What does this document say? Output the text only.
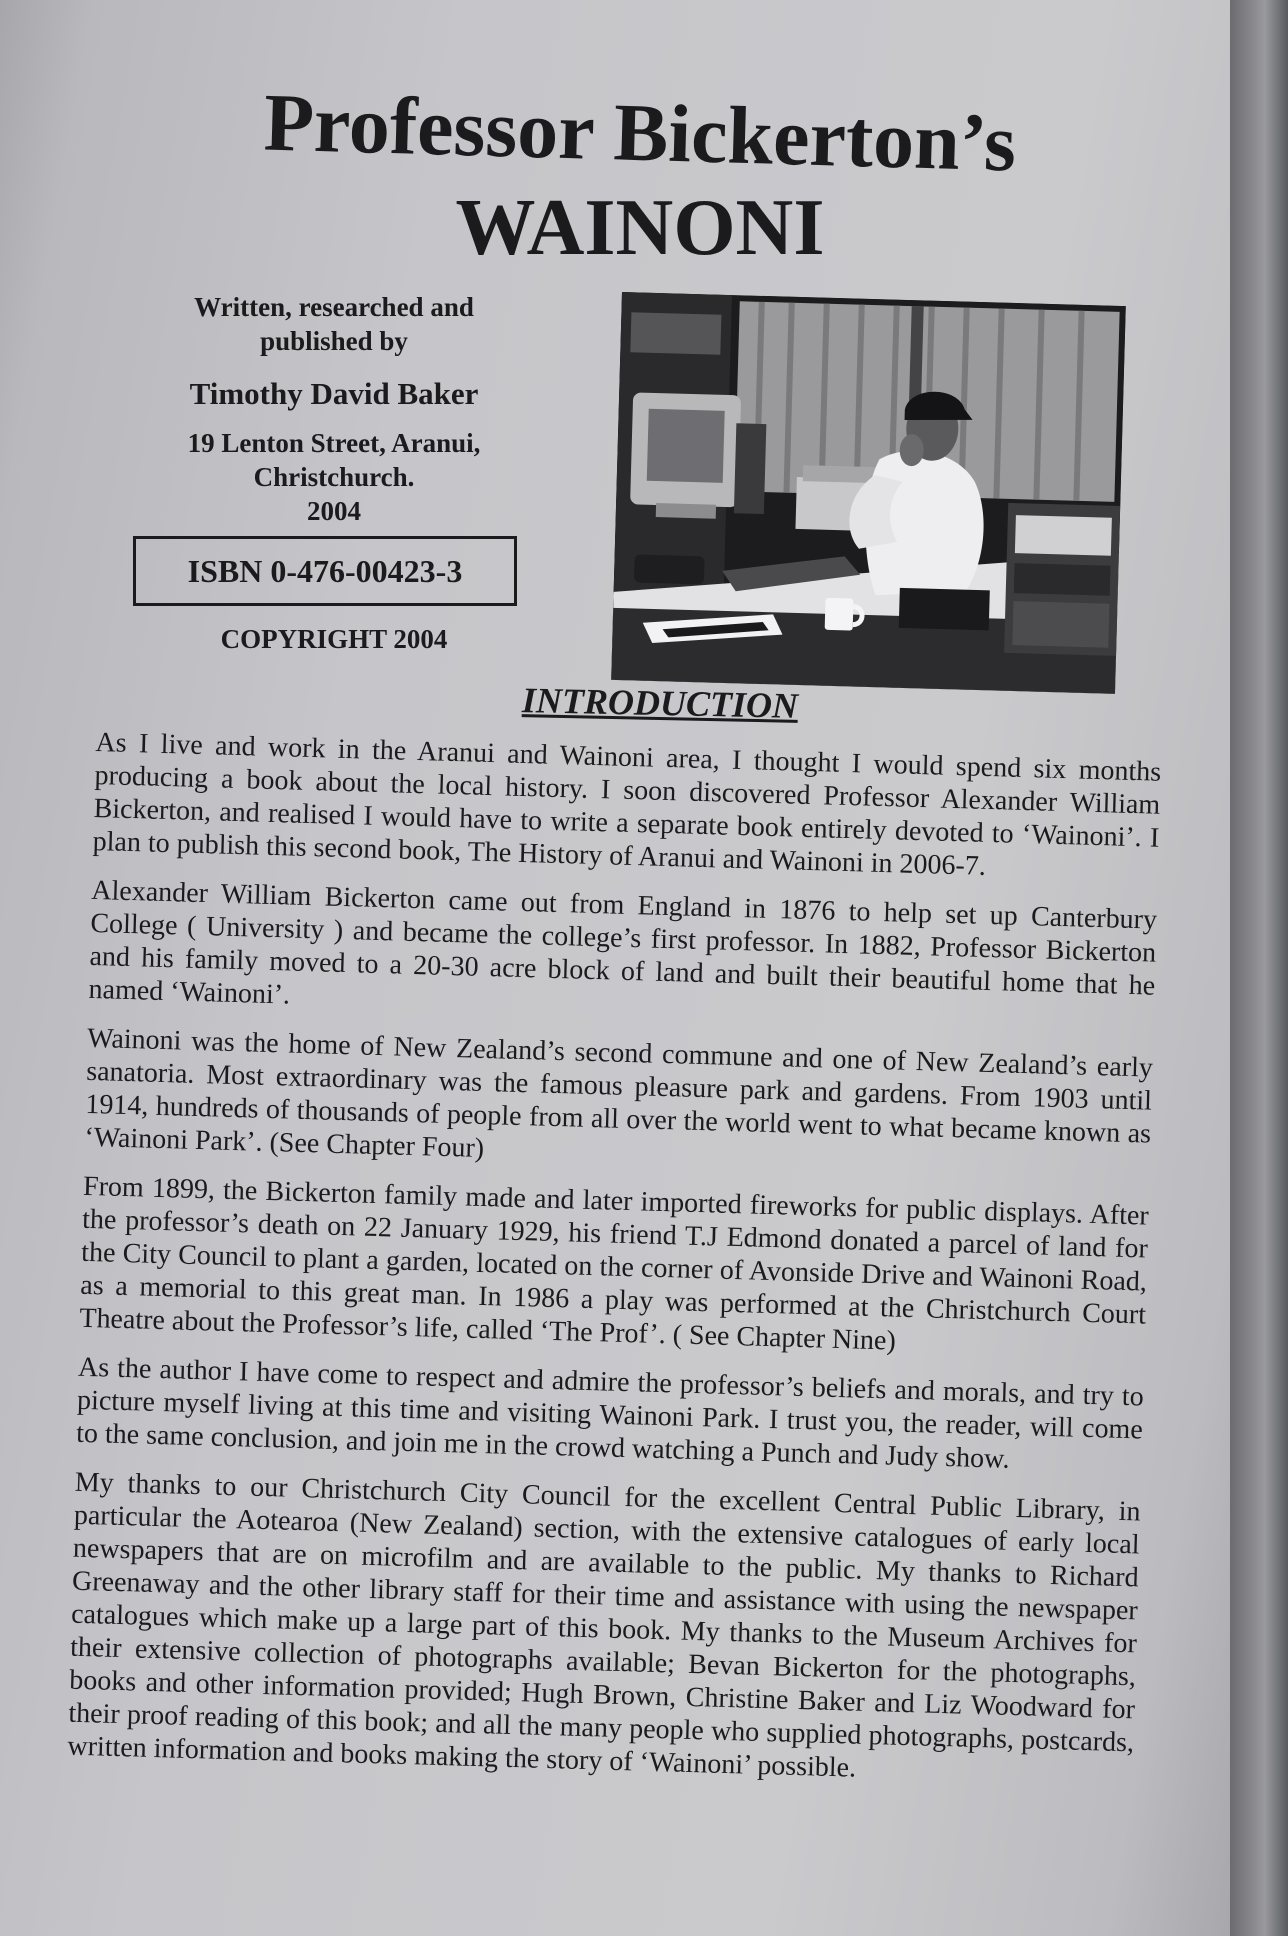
Professor Bickerton’s
WAINONI
Written, researched and
published by
Timothy David Baker
19 Lenton Street, Aranui,
Christchurch.
2004
ISBN 0-476-00423-3
COPYRIGHT 2004
INTRODUCTION

As I live and work in the Aranui and Wainoni area, I thought I would spend six months producing a book about the local history. I soon discovered Professor Alexander William Bickerton, and realised I would have to write a separate book entirely devoted to ‘Wainoni’. I plan to publish this second book, The History of Aranui and Wainoni in 2006-7.

Alexander William Bickerton came out from England in 1876 to help set up Canterbury College ( University ) and became the college’s first professor. In 1882, Professor Bickerton and his family moved to a 20-30 acre block of land and built their beautiful home that he named ‘Wainoni’.

Wainoni was the home of New Zealand’s second commune and one of New Zealand’s early sanatoria. Most extraordinary was the famous pleasure park and gardens. From 1903 until 1914, hundreds of thousands of people from all over the world went to what became known as ‘Wainoni Park’. (See Chapter Four)

From 1899, the Bickerton family made and later imported fireworks for public displays. After the professor’s death on 22 January 1929, his friend T.J Edmond donated a parcel of land for the City Council to plant a garden, located on the corner of Avonside Drive and Wainoni Road, as a memorial to this great man. In 1986 a play was performed at the Christchurch Court Theatre about the Professor’s life, called ‘The Prof’. ( See Chapter Nine)

As the author I have come to respect and admire the professor’s beliefs and morals, and try to picture myself living at this time and visiting Wainoni Park. I trust you, the reader, will come to the same conclusion, and join me in the crowd watching a Punch and Judy show.

My thanks to our Christchurch City Council for the excellent Central Public Library, in particular the Aotearoa (New Zealand) section, with the extensive catalogues of early local newspapers that are on microfilm and are available to the public. My thanks to Richard Greenaway and the other library staff for their time and assistance with using the newspaper catalogues which make up a large part of this book. My thanks to the Museum Archives for their extensive collection of photographs available; Bevan Bickerton for the photographs, books and other information provided; Hugh Brown, Christine Baker and Liz Woodward for their proof reading of this book; and all the many people who supplied photographs, postcards, written information and books making the story of ‘Wainoni’ possible.
